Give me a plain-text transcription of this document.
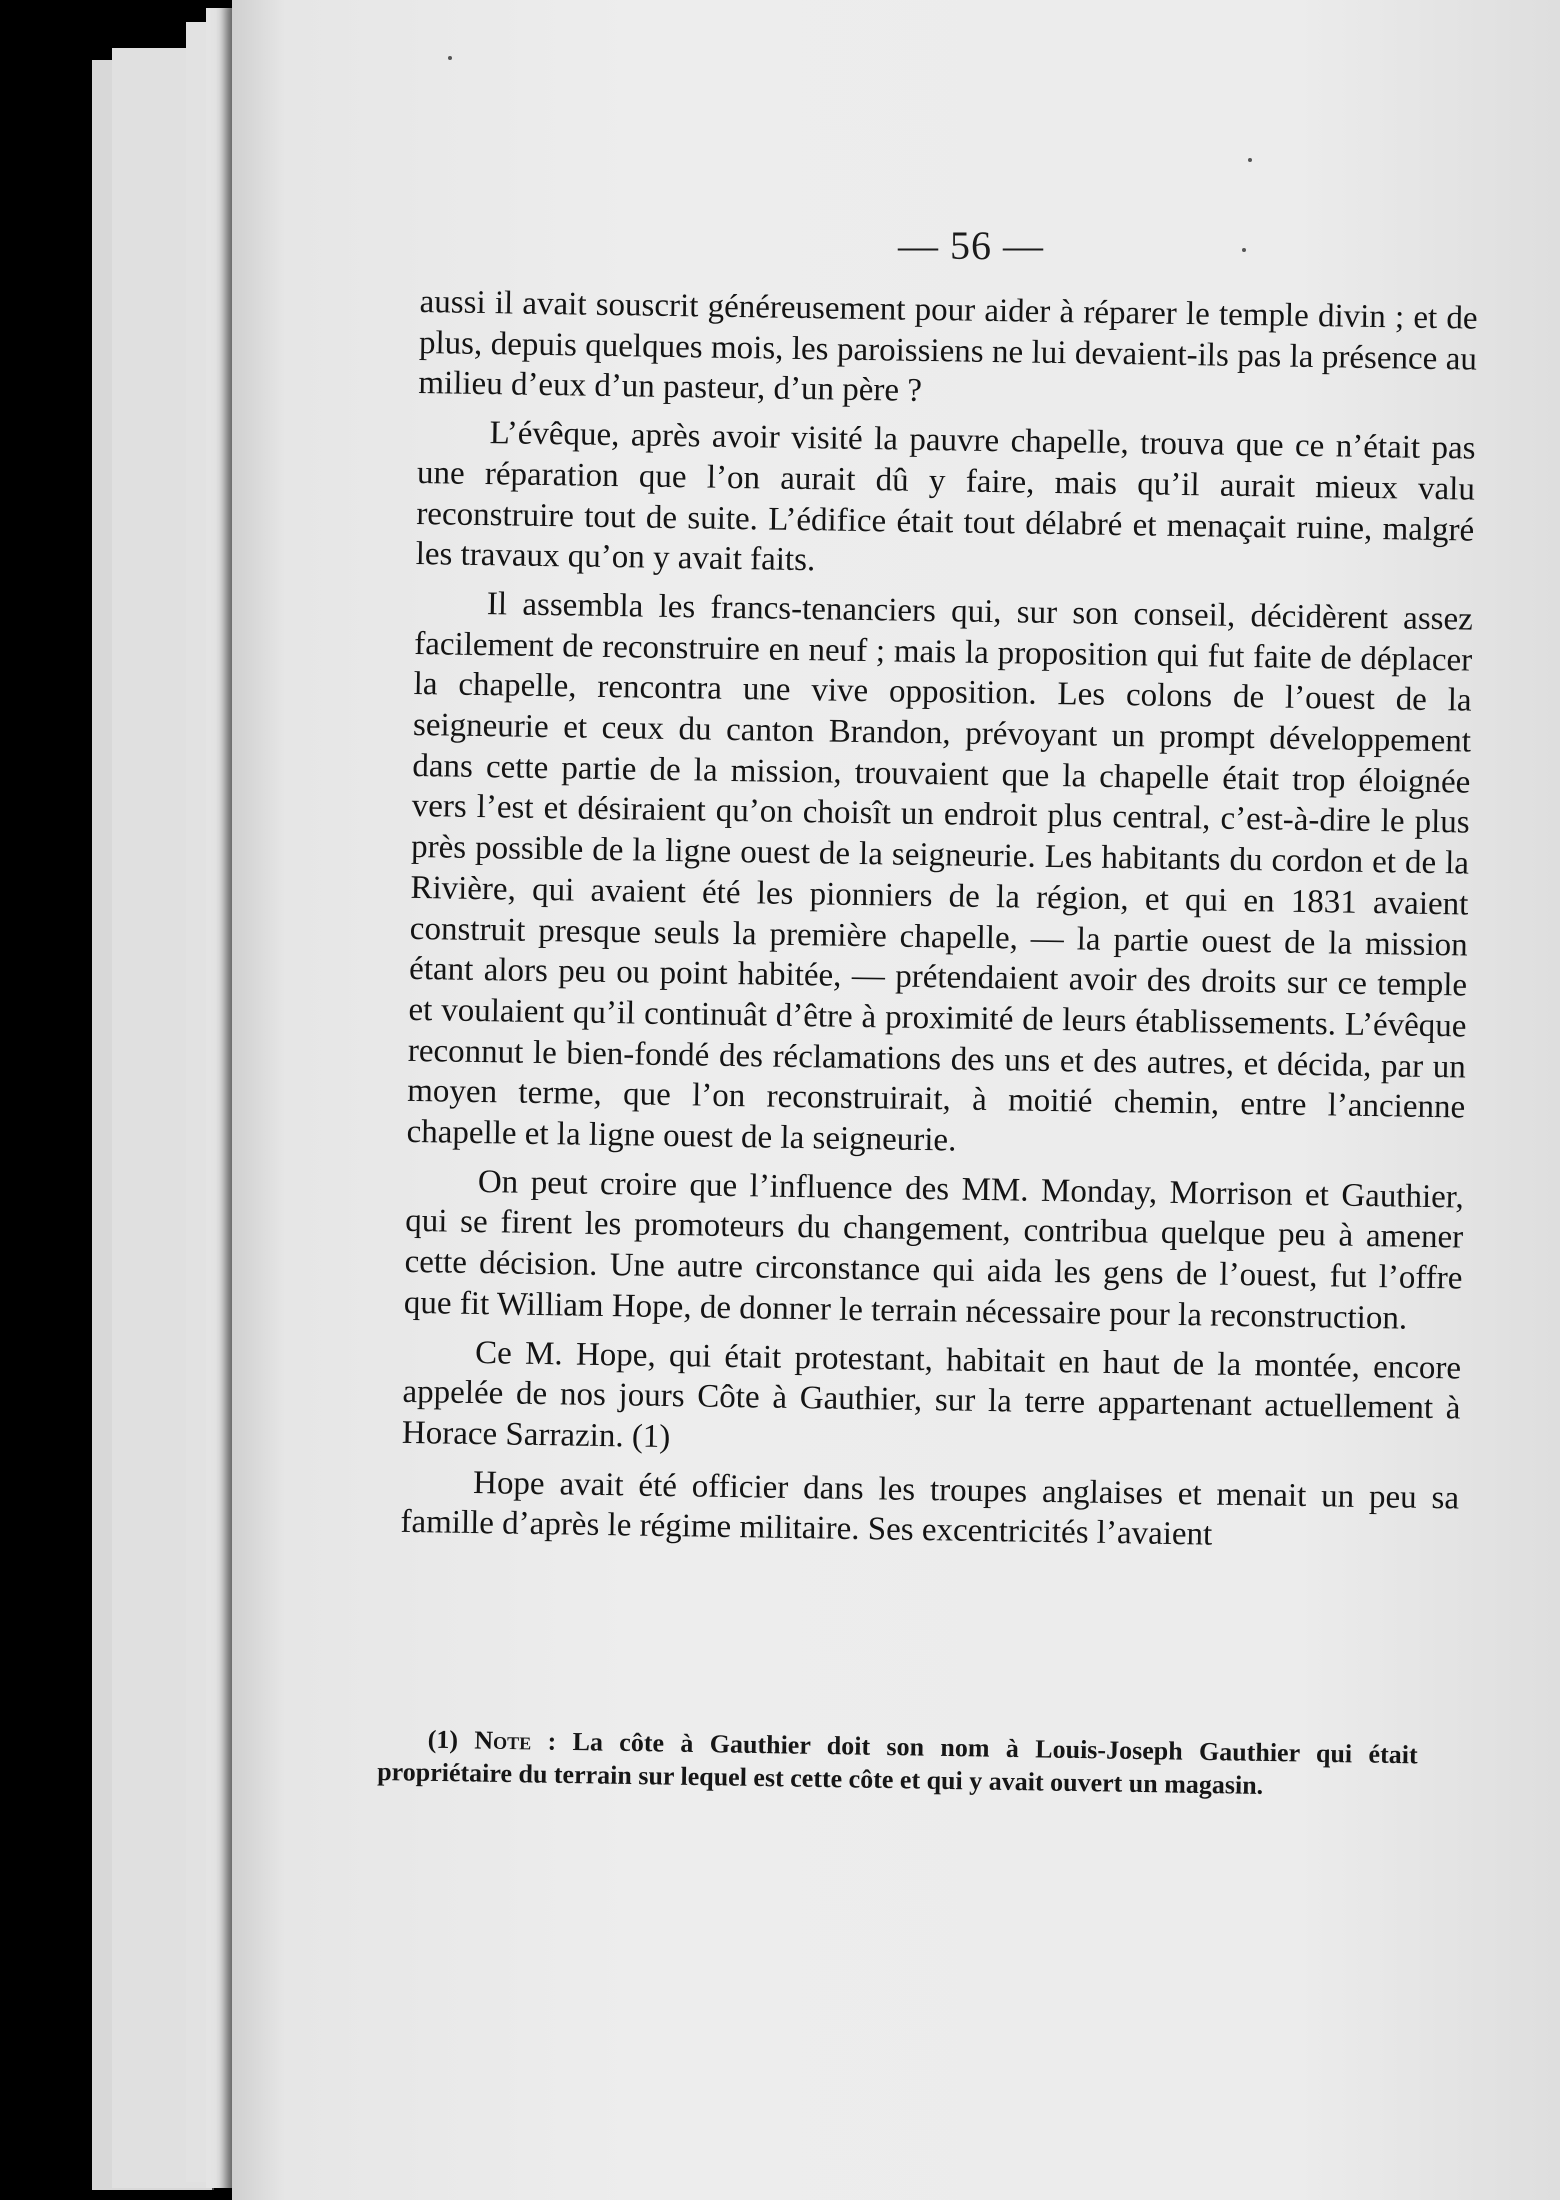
— 56 —

aussi il avait souscrit généreusement pour aider à réparer le temple divin ; et de plus, depuis quelques mois, les paroissiens ne lui devaient-ils pas la présence au milieu d’eux d’un pasteur, d’un père ?

L’évêque, après avoir visité la pauvre chapelle, trouva que ce n’était pas une réparation que l’on aurait dû y faire, mais qu’il aurait mieux valu reconstruire tout de suite. L’édifice était tout délabré et menaçait ruine, malgré les travaux qu’on y avait faits.

Il assembla les francs-tenanciers qui, sur son conseil, décidèrent assez facilement de reconstruire en neuf ; mais la proposition qui fut faite de déplacer la chapelle, rencontra une vive opposition. Les colons de l’ouest de la seigneurie et ceux du canton Brandon, prévoyant un prompt développement dans cette partie de la mission, trouvaient que la chapelle était trop éloignée vers l’est et désiraient qu’on choisît un endroit plus central, c’est-à-dire le plus près possible de la ligne ouest de la seigneurie. Les habitants du cordon et de la Rivière, qui avaient été les pionniers de la région, et qui en 1831 avaient construit presque seuls la première chapelle, — la partie ouest de la mission étant alors peu ou point habitée, — prétendaient avoir des droits sur ce temple et voulaient qu’il continuât d’être à proximité de leurs établissements. L’évêque reconnut le bien-fondé des réclamations des uns et des autres, et décida, par un moyen terme, que l’on reconstruirait, à moitié chemin, entre l’ancienne chapelle et la ligne ouest de la seigneurie.

On peut croire que l’influence des MM. Monday, Morrison et Gauthier, qui se firent les promoteurs du changement, contribua quelque peu à amener cette décision. Une autre circonstance qui aida les gens de l’ouest, fut l’offre que fit William Hope, de donner le terrain nécessaire pour la reconstruction.

Ce M. Hope, qui était protestant, habitait en haut de la montée, encore appelée de nos jours Côte à Gauthier, sur la terre appartenant actuellement à Horace Sarrazin. (1)

Hope avait été officier dans les troupes anglaises et menait un peu sa famille d’après le régime militaire. Ses excentricités l’avaient

(1) Note : La côte à Gauthier doit son nom à Louis-Joseph Gauthier qui était propriétaire du terrain sur lequel est cette côte et qui y avait ouvert un magasin.
